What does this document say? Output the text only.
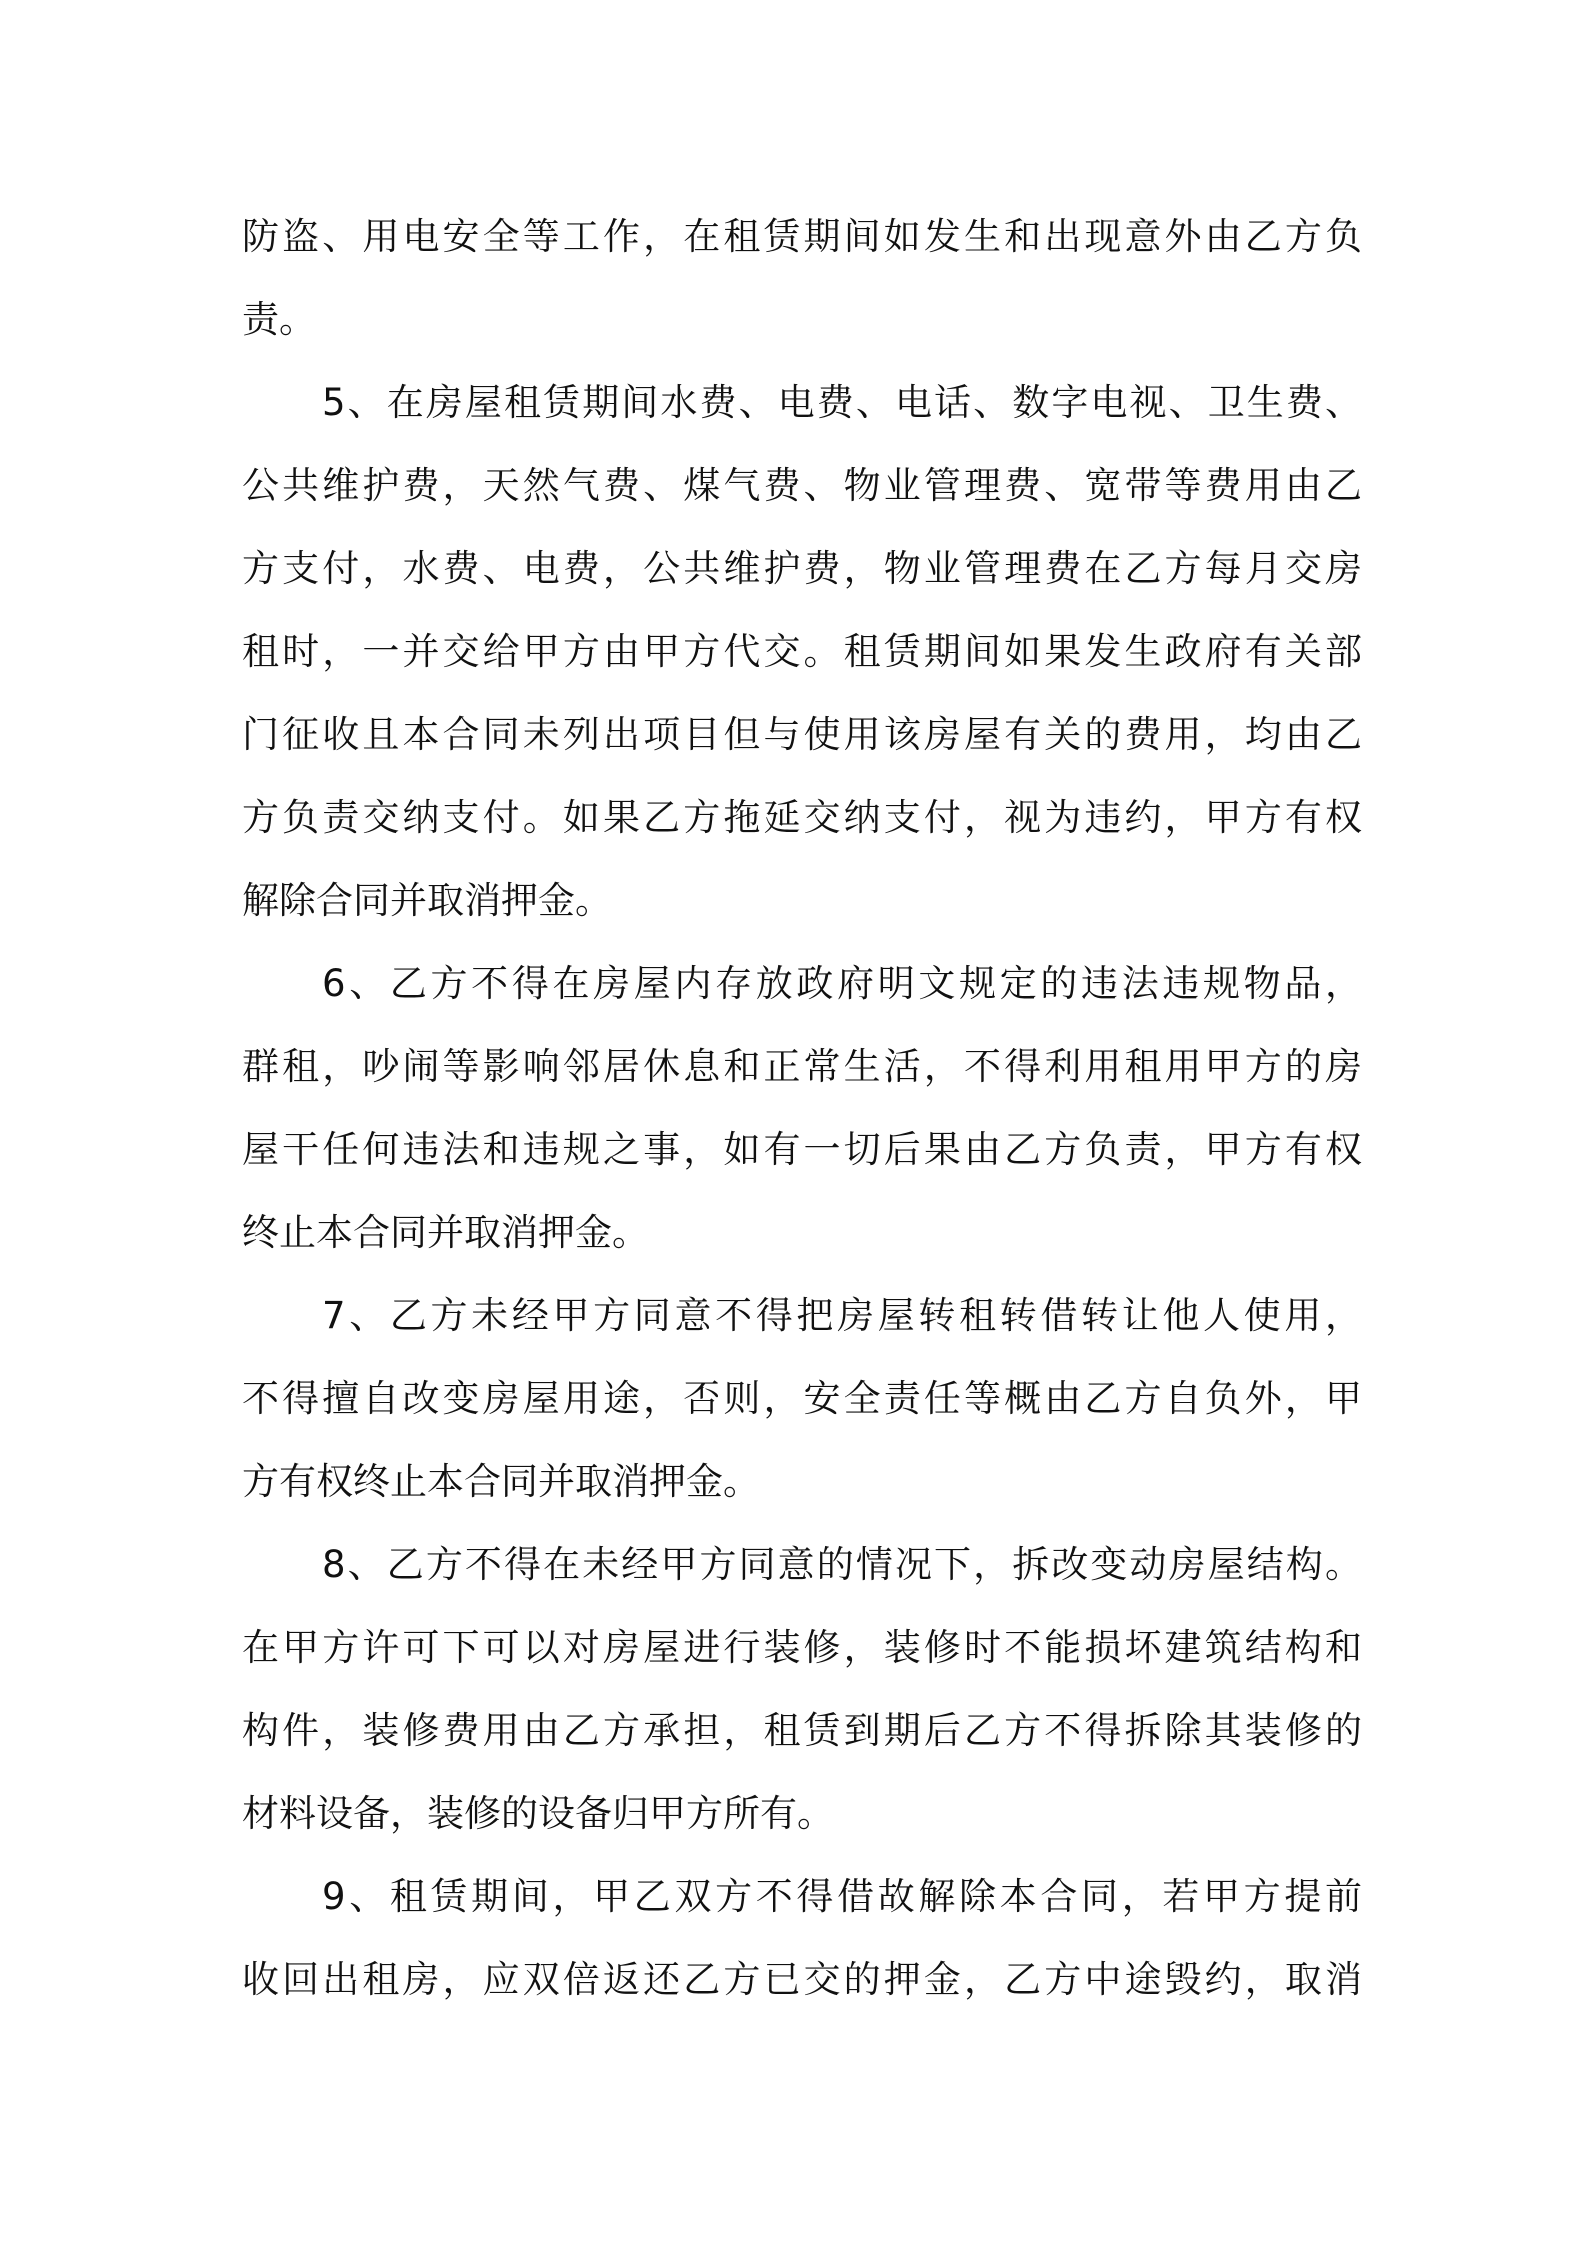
防盗、用电安全等工作，在租赁期间如发生和出现意外由乙方负
责。
5、在房屋租赁期间水费、电费、电话、数字电视、卫生费、
公共维护费，天然气费、煤气费、物业管理费、宽带等费用由乙
方支付，水费、电费，公共维护费，物业管理费在乙方每月交房
租时，一并交给甲方由甲方代交。租赁期间如果发生政府有关部
门征收且本合同未列出项目但与使用该房屋有关的费用，均由乙
方负责交纳支付。如果乙方拖延交纳支付，视为违约，甲方有权
解除合同并取消押金。
6、乙方不得在房屋内存放政府明文规定的违法违规物品，
群租，吵闹等影响邻居休息和正常生活，不得利用租用甲方的房
屋干任何违法和违规之事，如有一切后果由乙方负责，甲方有权
终止本合同并取消押金。
7、乙方未经甲方同意不得把房屋转租转借转让他人使用，
不得擅自改变房屋用途，否则，安全责任等概由乙方自负外，甲
方有权终止本合同并取消押金。
8、乙方不得在未经甲方同意的情况下，拆改变动房屋结构。
在甲方许可下可以对房屋进行装修，装修时不能损坏建筑结构和
构件，装修费用由乙方承担，租赁到期后乙方不得拆除其装修的
材料设备，装修的设备归甲方所有。
9、租赁期间，甲乙双方不得借故解除本合同，若甲方提前
收回出租房，应双倍返还乙方已交的押金，乙方中途毁约，取消
